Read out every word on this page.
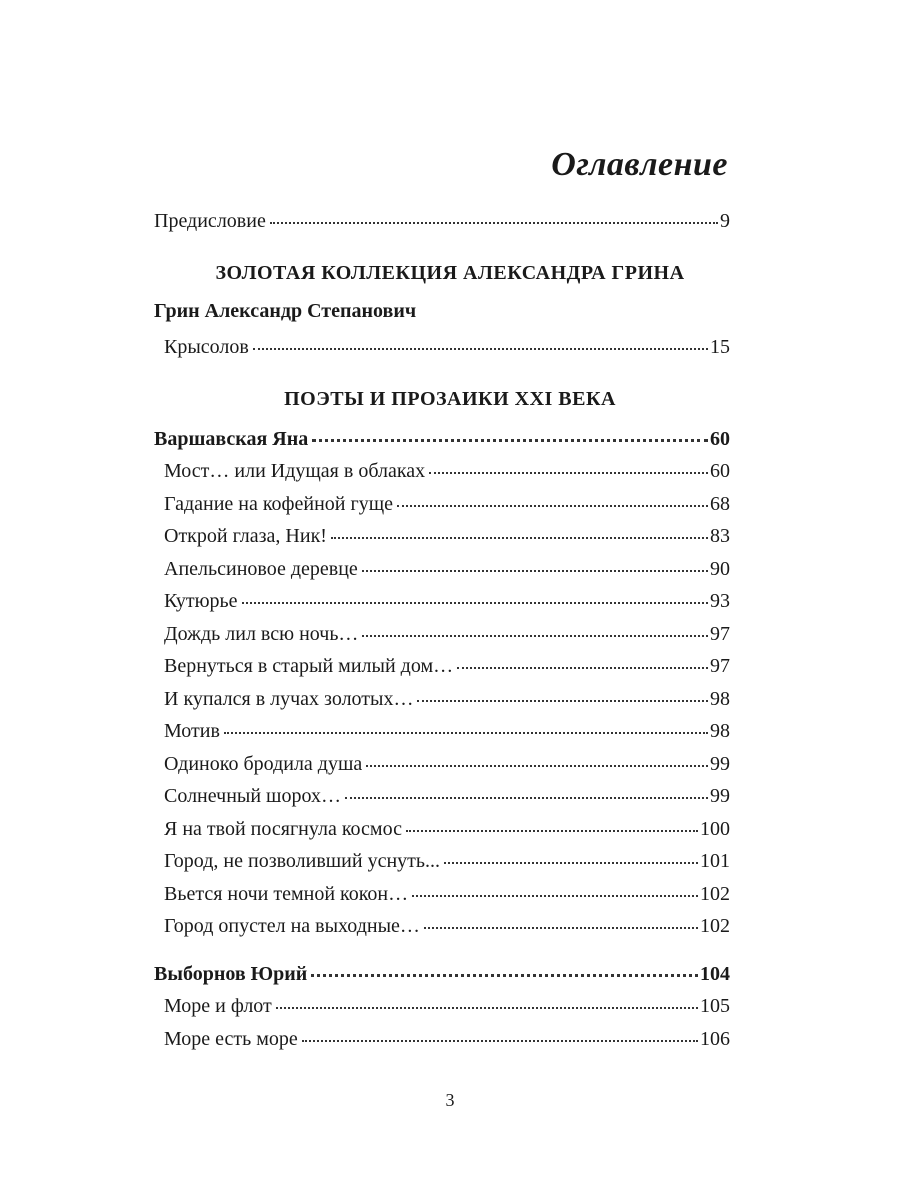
Оглавление
Предисловие	9
ЗОЛОТАЯ КОЛЛЕКЦИЯ АЛЕКСАНДРА ГРИНА
Грин Александр Степанович
Крысолов	15
ПОЭТЫ И ПРОЗАИКИ XXI ВЕКА
Варшавская Яна	60
Мост… или Идущая в облаках	60
Гадание на кофейной гуще	68
Открой глаза, Ник!	83
Апельсиновое деревце	90
Кутюрье	93
Дождь лил всю ночь…	97
Вернуться в старый милый дом…	97
И купался в лучах золотых…	98
Мотив	98
Одиноко бродила душа	99
Солнечный шорох…	99
Я на твой посягнула космос	100
Город, не позволивший уснуть...	101
Вьется ночи темной кокон…	102
Город опустел на выходные…	102
Выборнов Юрий	104
Море и флот	105
Море есть море	106
3
